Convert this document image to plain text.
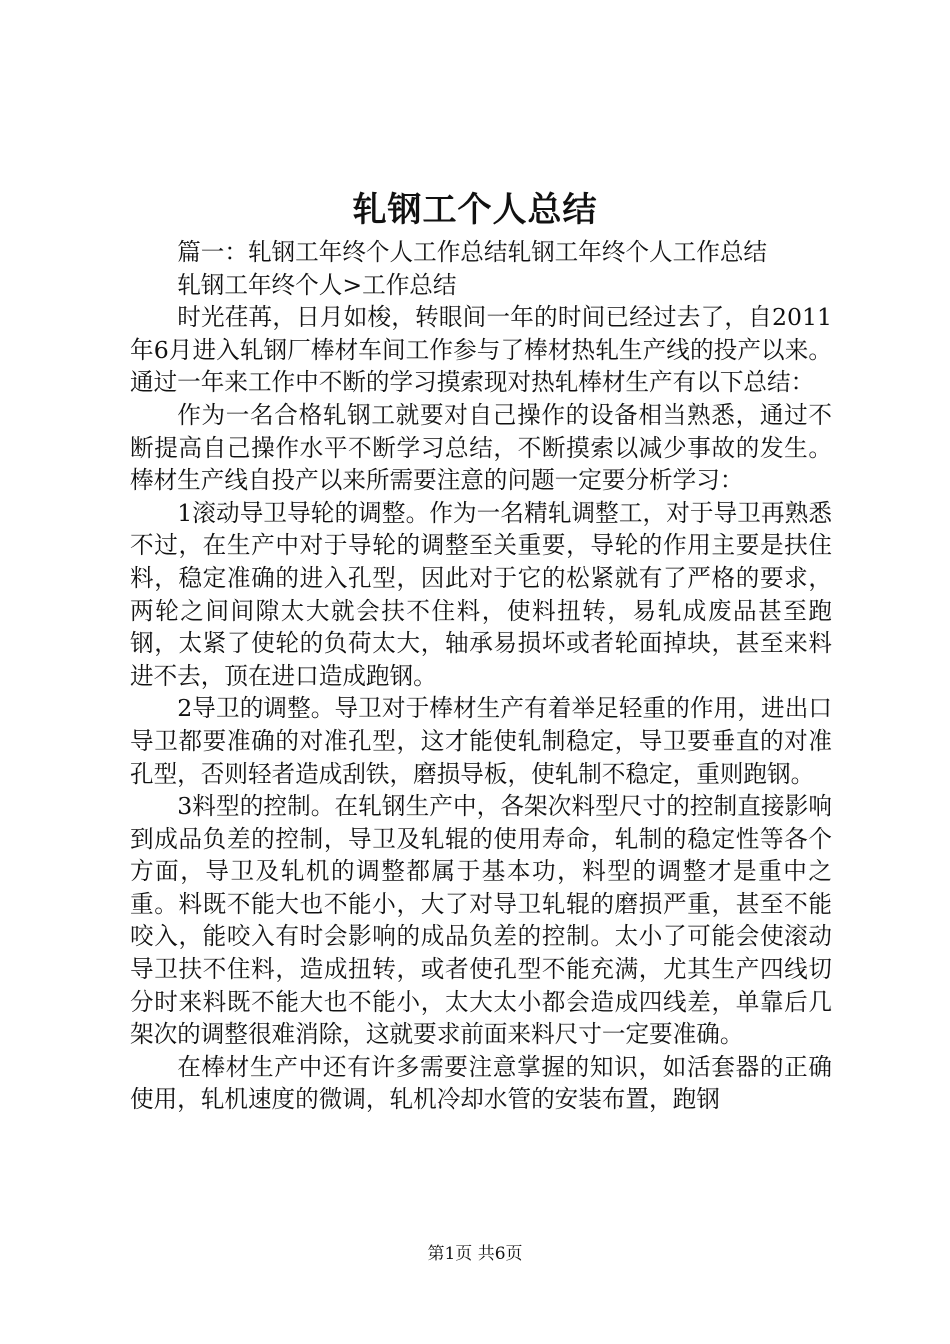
轧钢工个人总结

篇一：轧钢工年终个人工作总结轧钢工年终个人工作总结

轧钢工年终个人>工作总结

时光荏苒，日月如梭，转眼间一年的时间已经过去了，自2011年6月进入轧钢厂棒材车间工作参与了棒材热轧生产线的投产以来。通过一年来工作中不断的学习摸索现对热轧棒材生产有以下总结：

作为一名合格轧钢工就要对自己操作的设备相当熟悉，通过不断提高自己操作水平不断学习总结，不断摸索以减少事故的发生。棒材生产线自投产以来所需要注意的问题一定要分析学习：

1滚动导卫导轮的调整。作为一名精轧调整工，对于导卫再熟悉不过，在生产中对于导轮的调整至关重要，导轮的作用主要是扶住料，稳定准确的进入孔型，因此对于它的松紧就有了严格的要求，两轮之间间隙太大就会扶不住料，使料扭转，易轧成废品甚至跑钢，太紧了使轮的负荷太大，轴承易损坏或者轮面掉块，甚至来料进不去，顶在进口造成跑钢。

2导卫的调整。导卫对于棒材生产有着举足轻重的作用，进出口导卫都要准确的对准孔型，这才能使轧制稳定，导卫要垂直的对准孔型，否则轻者造成刮铁，磨损导板，使轧制不稳定，重则跑钢。

3料型的控制。在轧钢生产中，各架次料型尺寸的控制直接影响到成品负差的控制，导卫及轧辊的使用寿命，轧制的稳定性等各个方面，导卫及轧机的调整都属于基本功，料型的调整才是重中之重。料既不能大也不能小，大了对导卫轧辊的磨损严重，甚至不能咬入，能咬入有时会影响的成品负差的控制。太小了可能会使滚动导卫扶不住料，造成扭转，或者使孔型不能充满，尤其生产四线切分时来料既不能大也不能小，太大太小都会造成四线差，单靠后几架次的调整很难消除，这就要求前面来料尺寸一定要准确。

在棒材生产中还有许多需要注意掌握的知识，如活套器的正确使用，轧机速度的微调，轧机冷却水管的安装布置，跑钢

第1页 共6页
